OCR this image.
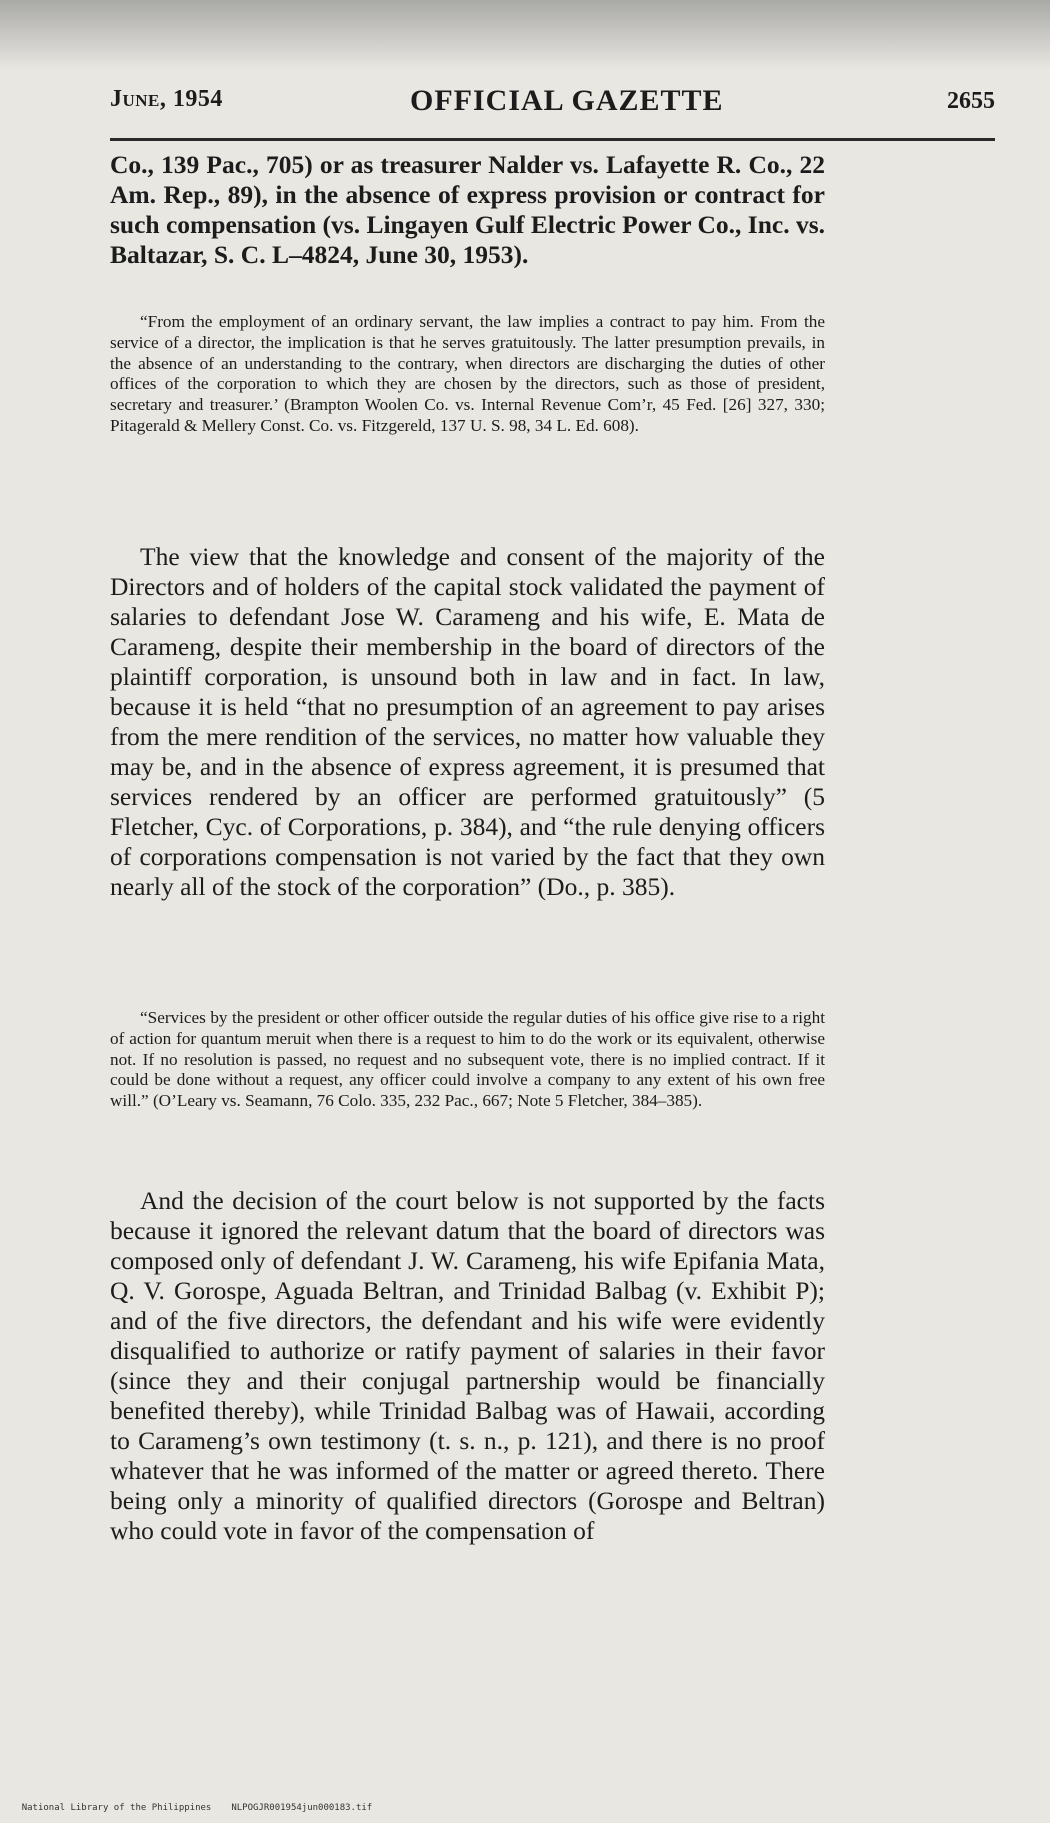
June, 1954	OFFICIAL GAZETTE	2655

Co., 139 Pac., 705) or as treasurer Nalder vs. Lafayette R. Co., 22 Am. Rep., 89), in the absence of express provision or contract for such compensation (vs. Lingayen Gulf Electric Power Co., Inc. vs. Baltazar, S. C. L–4824, June 30, 1953).

“From the employment of an ordinary servant, the law implies a contract to pay him. From the service of a director, the implication is that he serves gratuitously. The latter presumption prevails, in the absence of an understanding to the contrary, when directors are discharging the duties of other offices of the corporation to which they are chosen by the directors, such as those of president, secretary and treasurer.’ (Brampton Woolen Co. vs. Internal Revenue Com’r, 45 Fed. [26] 327, 330; Pitagerald & Mellery Const. Co. vs. Fitzgereld, 137 U. S. 98, 34 L. Ed. 608).

The view that the knowledge and consent of the majority of the Directors and of holders of the capital stock validated the payment of salaries to defendant Jose W. Carameng and his wife, E. Mata de Carameng, despite their membership in the board of directors of the plaintiff corporation, is unsound both in law and in fact. In law, because it is held “that no presumption of an agreement to pay arises from the mere rendition of the services, no matter how valuable they may be, and in the absence of express agreement, it is presumed that services rendered by an officer are performed gratuitously” (5 Fletcher, Cyc. of Corporations, p. 384), and “the rule denying officers of corporations compensation is not varied by the fact that they own nearly all of the stock of the corporation” (Do., p. 385).

“Services by the president or other officer outside the regular duties of his office give rise to a right of action for quantum meruit when there is a request to him to do the work or its equivalent, otherwise not. If no resolution is passed, no request and no subsequent vote, there is no implied contract. If it could be done without a request, any officer could involve a company to any extent of his own free will.” (O’Leary vs. Seamann, 76 Colo. 335, 232 Pac., 667; Note 5 Fletcher, 384–385).

And the decision of the court below is not supported by the facts because it ignored the relevant datum that the board of directors was composed only of defendant J. W. Carameng, his wife Epifania Mata, Q. V. Gorospe, Aguada Beltran, and Trinidad Balbag (v. Exhibit P); and of the five directors, the defendant and his wife were evidently disqualified to authorize or ratify payment of salaries in their favor (since they and their conjugal partnership would be financially benefited thereby), while Trinidad Balbag was of Hawaii, according to Carameng’s own testimony (t. s. n., p. 121), and there is no proof whatever that he was informed of the matter or agreed thereto. There being only a minority of qualified directors (Gorospe and Beltran) who could vote in favor of the compensation of

National Library of the Philippines NLPOGJR001954jun000183.tif
